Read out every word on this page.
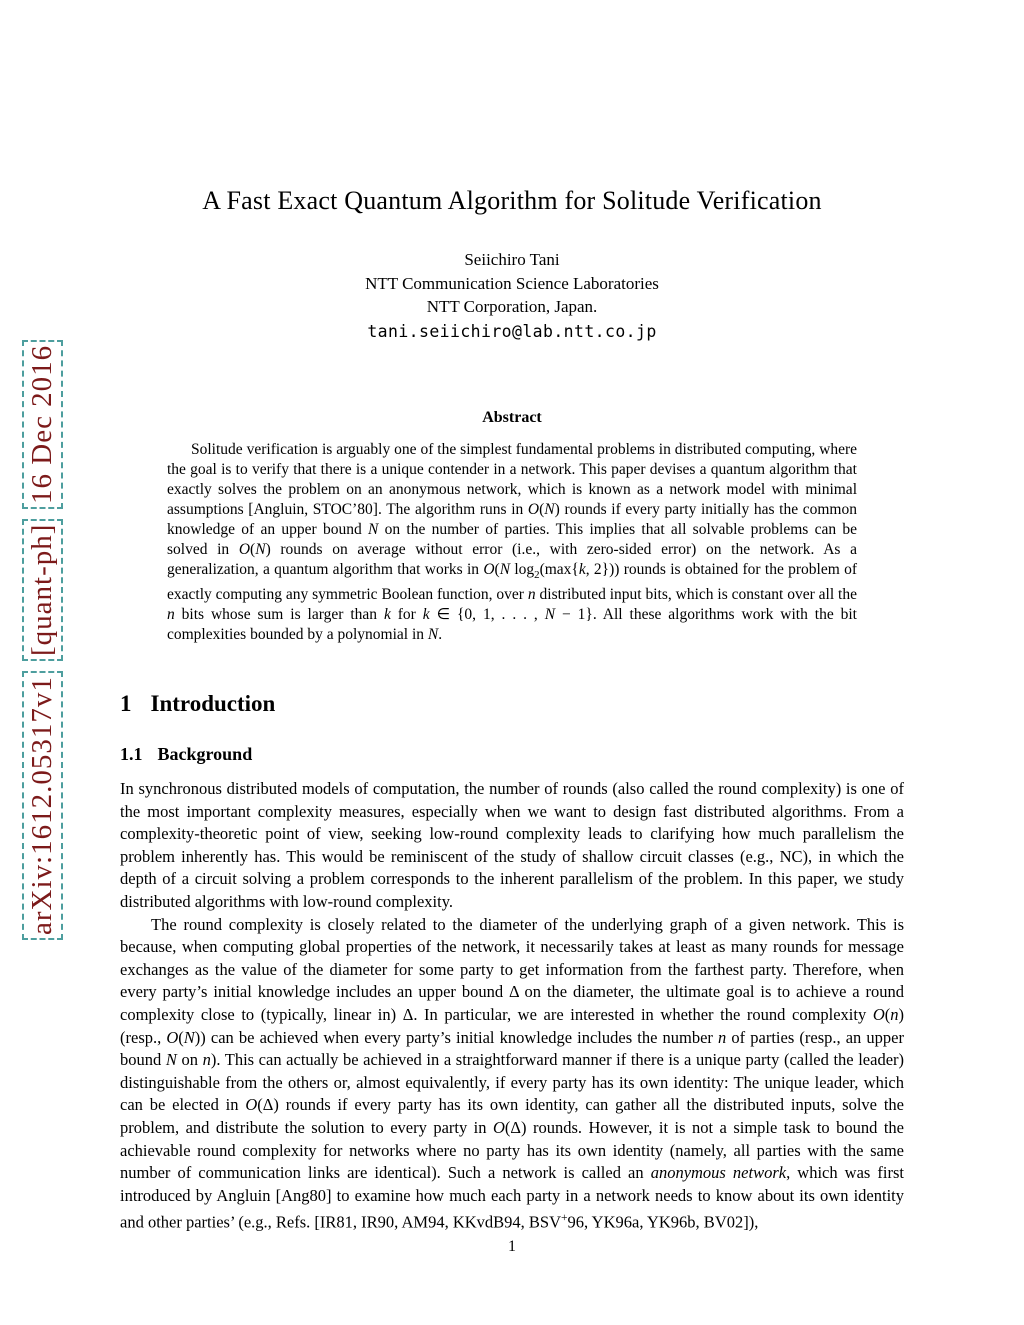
arXiv:1612.05317v1
[quant-ph]
16 Dec 2016
A Fast Exact Quantum Algorithm for Solitude Verification
Seiichiro Tani
NTT Communication Science Laboratories
NTT Corporation, Japan.
tani.seiichiro@lab.ntt.co.jp
Abstract

Solitude verification is arguably one of the simplest fundamental problems in distributed computing, where the goal is to verify that there is a unique contender in a network. This paper devises a quantum algorithm that exactly solves the problem on an anonymous network, which is known as a network model with minimal assumptions [Angluin, STOC’80]. The algorithm runs in O(N) rounds if every party initially has the common knowledge of an upper bound N on the number of parties. This implies that all solvable problems can be solved in O(N) rounds on average without error (i.e., with zero-sided error) on the network. As a generalization, a quantum algorithm that works in O(N $\log_2(\max\{k$, 2})) rounds is obtained for the problem of exactly computing any symmetric Boolean function, over n distributed input bits, which is constant over all the n bits whose sum is larger than k for k ∈ {0, 1, . . . , N − 1}. All these algorithms work with the bit complexities bounded by a polynomial in N.

1 Introduction
1.1 Background

In synchronous distributed models of computation, the number of rounds (also called the round complexity) is one of the most important complexity measures, especially when we want to design fast distributed algorithms. From a complexity-theoretic point of view, seeking low-round complexity leads to clarifying how much parallelism the problem inherently has. This would be reminiscent of the study of shallow circuit classes (e.g., NC), in which the depth of a circuit solving a problem corresponds to the inherent parallelism of the problem. In this paper, we study distributed algorithms with low-round complexity.

The round complexity is closely related to the diameter of the underlying graph of a given network. This is because, when computing global properties of the network, it necessarily takes at least as many rounds for message exchanges as the value of the diameter for some party to get information from the farthest party. Therefore, when every party’s initial knowledge includes an upper bound Δ on the diameter, the ultimate goal is to achieve a round complexity close to (typically, linear in) Δ. In particular, we are interested in whether the round complexity O(n) (resp., O(N)) can be achieved when every party’s initial knowledge includes the number n of parties (resp., an upper bound N on n). This can actually be achieved in a straightforward manner if there is a unique party (called the leader) distinguishable from the others or, almost equivalently, if every party has its own identity: The unique leader, which can be elected in O(Δ) rounds if every party has its own identity, can gather all the distributed inputs, solve the problem, and distribute the solution to every party in O(Δ) rounds. However, it is not a simple task to bound the achievable round complexity for networks where no party has its own identity (namely, all parties with the same number of communication links are identical). Such a network is called an anonymous network, which was first introduced by Angluin [Ang80] to examine how much each party in a network needs to know about its own identity and other parties’ (e.g., Refs. [IR81, IR90, AM94, KKvdB94, BSV+96, YK96a, YK96b, BV02]),

1
